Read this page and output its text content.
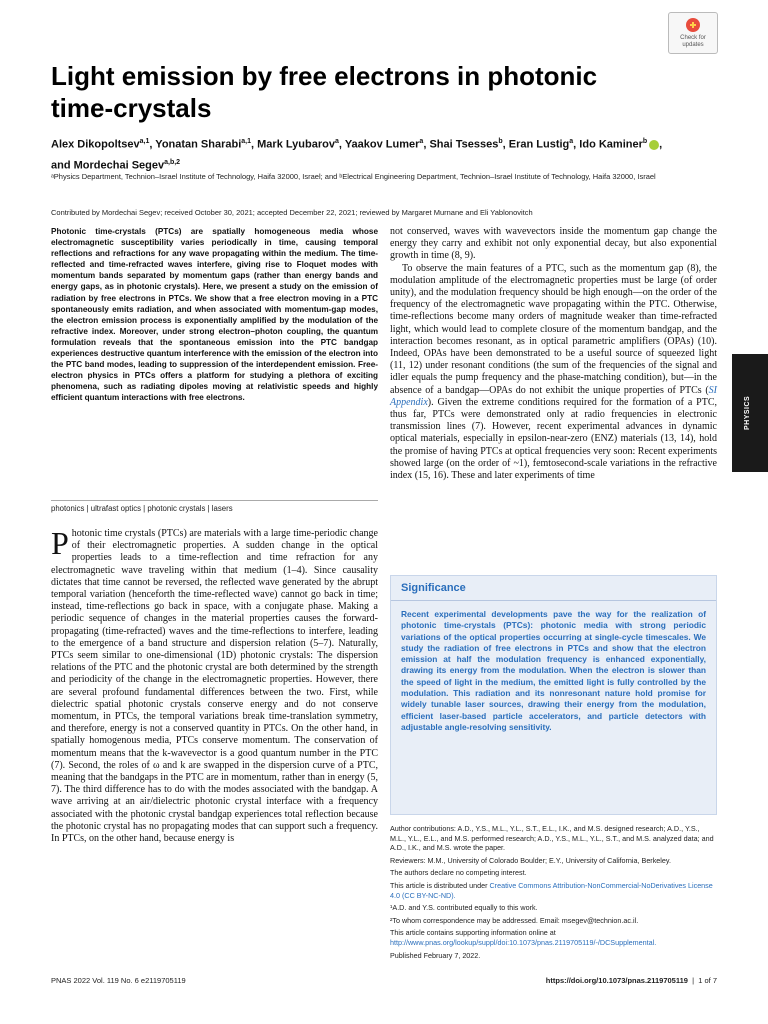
Check for updates
Light emission by free electrons in photonic time-crystals
Alex Dikopoltsev$^{a,1}$, Yonatan Sharabi$^{a,1}$, Mark Lyubarov$^a$, Yaakov Lumer$^a$, Shai Tsesses$^b$, Eran Lustig$^a$, Ido Kaminer$^b$ ,
and Mordechai Segev$^{a,b,2}$
ᵃPhysics Department, Technion–Israel Institute of Technology, Haifa 32000, Israel; and ᵇElectrical Engineering Department, Technion–Israel Institute of Technology, Haifa 32000, Israel
Contributed by Mordechai Segev; received October 30, 2021; accepted December 22, 2021; reviewed by Margaret Murnane and Eli Yablonovitch

Photonic time-crystals (PTCs) are spatially homogeneous media whose electromagnetic susceptibility varies periodically in time, causing temporal reflections and refractions for any wave propagating within the medium. The time-reflected and time-refracted waves interfere, giving rise to Floquet modes with momentum bands separated by momentum gaps (rather than energy bands and energy gaps, as in photonic crystals). Here, we present a study on the emission of radiation by free electrons in PTCs. We show that a free electron moving in a PTC spontaneously emits radiation, and when associated with momentum-gap modes, the electron emission process is exponentially amplified by the modulation of the refractive index. Moreover, under strong electron–photon coupling, the quantum formulation reveals that the spontaneous emission into the PTC bandgap experiences destructive quantum interference with the emission of the electron into the PTC band modes, leading to suppression of the interdependent emission. Free-electron physics in PTCs offers a platform for studying a plethora of exciting phenomena, such as radiating dipoles moving at relativistic speeds and highly efficient quantum interactions with free electrons.

photonics | ultrafast optics | photonic crystals | lasers

Photonic time crystals (PTCs) are materials with a large time-periodic change of their electromagnetic properties. A sudden change in the optical properties leads to a time-reflection and time refraction for any electromagnetic wave traveling within that medium (1–4). Since causality dictates that time cannot be reversed, the reflected wave generated by the abrupt temporal variation (henceforth the time-reflected wave) cannot go back in time; instead, time-reflections go back in space, with a conjugate phase. Making a periodic sequence of changes in the material properties causes the forward-propagating (time-refracted) waves and the time-reflections to interfere, leading to the emergence of a band structure and dispersion relation (5–7). Naturally, PTCs seem similar to one-dimensional (1D) photonic crystals: The dispersion relations of the PTC and the photonic crystal are both determined by the strength and periodicity of the change in the electromagnetic properties. However, there are several profound fundamental differences between the two. First, while dielectric spatial photonic crystals conserve energy and do not conserve momentum, in PTCs, the temporal variations break time-translation symmetry, and therefore, energy is not a conserved quantity in PTCs. On the other hand, in spatially homogenous media, PTCs conserve momentum. The conservation of momentum means that the k-wavevector is a good quantum number in the PTC (7). Second, the roles of ω and k are swapped in the dispersion curve of a PTC, meaning that the bandgaps in the PTC are in momentum, rather than in energy (5, 7). The third difference has to do with the modes associated with the bandgap. A wave arriving at an air/dielectric photonic crystal interface with a frequency associated with the photonic crystal bandgap experiences total reflection because the photonic crystal has no propagating modes that can support such a frequency. In PTCs, on the other hand, because energy is

not conserved, waves with wavevectors inside the momentum gap change the energy they carry and exhibit not only exponential decay, but also exponential growth in time (8, 9).

To observe the main features of a PTC, such as the momentum gap (8), the modulation amplitude of the electromagnetic properties must be large (of order unity), and the modulation frequency should be high enough—on the order of the frequency of the electromagnetic wave propagating within the PTC. Otherwise, time-reflections become many orders of magnitude weaker than time-refracted light, which would lead to complete closure of the momentum bandgap, and the interaction becomes resonant, as in optical parametric amplifiers (OPAs) (10). Indeed, OPAs have been demonstrated to be a useful source of squeezed light (11, 12) under resonant conditions (the sum of the frequencies of the signal and idler equals the pump frequency and the phase-matching condition), but—in the absence of a bandgap—OPAs do not exhibit the unique properties of PTCs (SI Appendix). Given the extreme conditions required for the formation of a PTC, thus far, PTCs were demonstrated only at radio frequencies in electronic transmission lines (7). However, recent experimental advances in dynamic optical materials, especially in epsilon-near-zero (ENZ) materials (13, 14), hold the promise of having PTCs at optical frequencies very soon: Recent experiments showed large (on the order of ~1), femtosecond-scale variations in the refractive index (15, 16). These and later experiments of time

PHYSICS
Significance

Recent experimental developments pave the way for the realization of photonic time-crystals (PTCs): photonic media with strong periodic variations of the optical properties occurring at single-cycle timescales. We study the radiation of free electrons in PTCs and show that the electron emission at half the modulation frequency is enhanced exponentially, drawing its energy from the modulation. When the electron is slower than the speed of light in the medium, the emitted light is fully controlled by the modulation. This radiation and its nonresonant nature hold promise for widely tunable laser sources, drawing their energy from the modulation, efficient laser-based particle accelerators, and particle detectors with adjustable angle-resolving sensitivity.

Author contributions: A.D., Y.S., M.L., Y.L., S.T., E.L., I.K., and M.S. designed research; A.D., Y.S., M.L., Y.L., E.L., and M.S. performed research; A.D., Y.S., M.L., Y.L., S.T., and M.S. analyzed data; and A.D., I.K., and M.S. wrote the paper.

Reviewers: M.M., University of Colorado Boulder; E.Y., University of California, Berkeley.

The authors declare no competing interest.

This article is distributed under Creative Commons Attribution-NonCommercial-NoDerivatives License 4.0 (CC BY-NC-ND).

¹A.D. and Y.S. contributed equally to this work.

²To whom correspondence may be addressed. Email: msegev@technion.ac.il.

This article contains supporting information online at http://www.pnas.org/lookup/suppl/doi:10.1073/pnas.2119705119/-/DCSupplemental.

Published February 7, 2022.

PNAS 2022 Vol. 119 No. 6 e2119705119	https://doi.org/10.1073/pnas.2119705119  |  1 of 7
